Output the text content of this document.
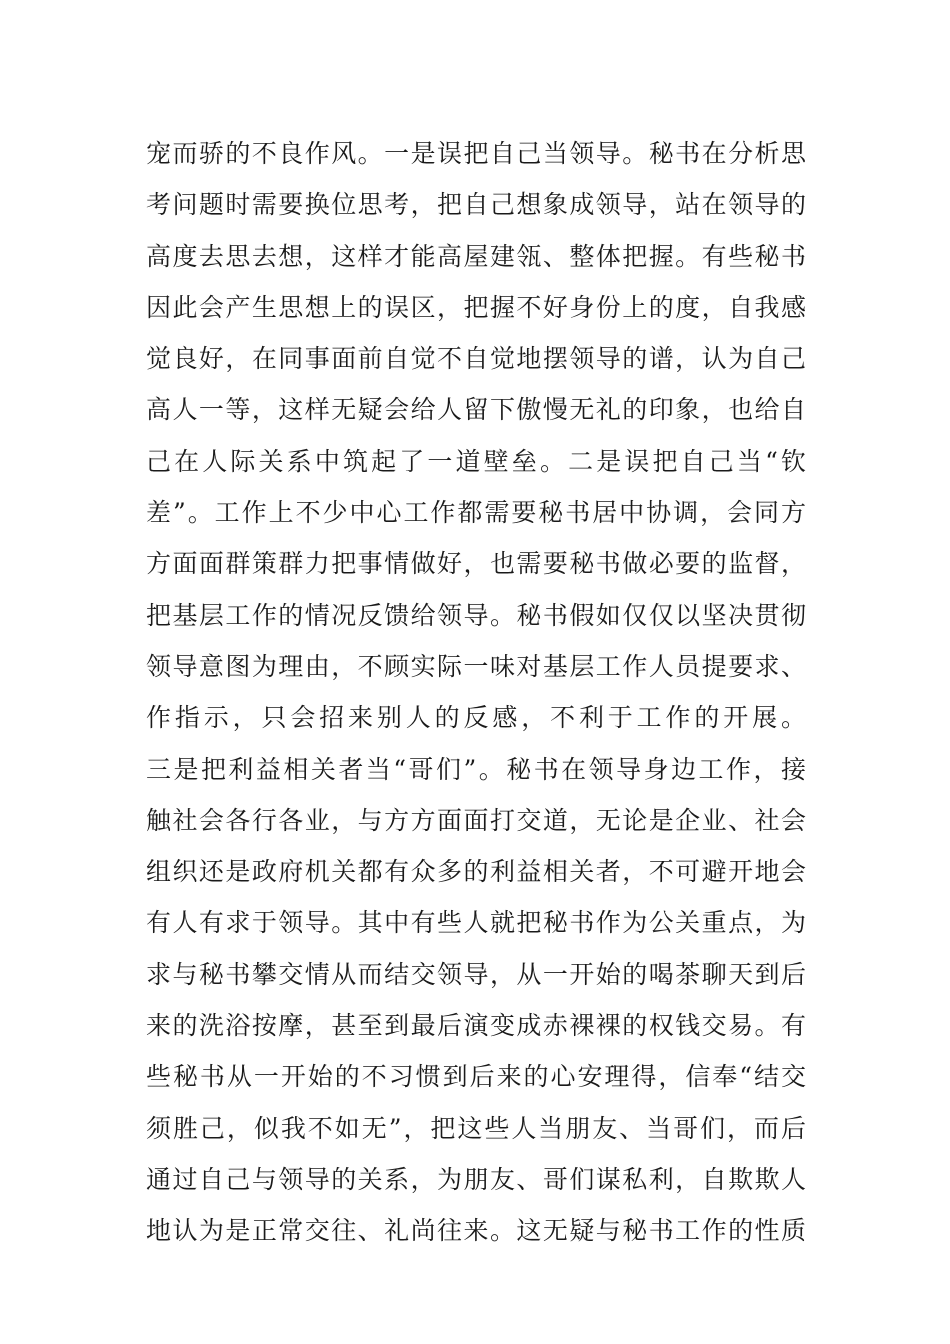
宠而骄的不良作风。一是误把自己当领导。秘书在分析思
考问题时需要换位思考，把自己想象成领导，站在领导的
高度去思去想，这样才能高屋建瓴、整体把握。有些秘书
因此会产生思想上的误区，把握不好身份上的度，自我感
觉良好，在同事面前自觉不自觉地摆领导的谱，认为自己
高人一等，这样无疑会给人留下傲慢无礼的印象，也给自
己在人际关系中筑起了一道壁垒。二是误把自己当“钦
差”。工作上不少中心工作都需要秘书居中协调，会同方
方面面群策群力把事情做好，也需要秘书做必要的监督，
把基层工作的情况反馈给领导。秘书假如仅仅以坚决贯彻
领导意图为理由，不顾实际一味对基层工作人员提要求、
作指示，只会招来别人的反感，不利于工作的开展。
三是把利益相关者当“哥们”。秘书在领导身边工作，接
触社会各行各业，与方方面面打交道，无论是企业、社会
组织还是政府机关都有众多的利益相关者，不可避开地会
有人有求于领导。其中有些人就把秘书作为公关重点，为
求与秘书攀交情从而结交领导，从一开始的喝茶聊天到后
来的洗浴按摩，甚至到最后演变成赤裸裸的权钱交易。有
些秘书从一开始的不习惯到后来的心安理得，信奉“结交
须胜己，似我不如无”，把这些人当朋友、当哥们，而后
通过自己与领导的关系，为朋友、哥们谋私利，自欺欺人
地认为是正常交往、礼尚往来。这无疑与秘书工作的性质
